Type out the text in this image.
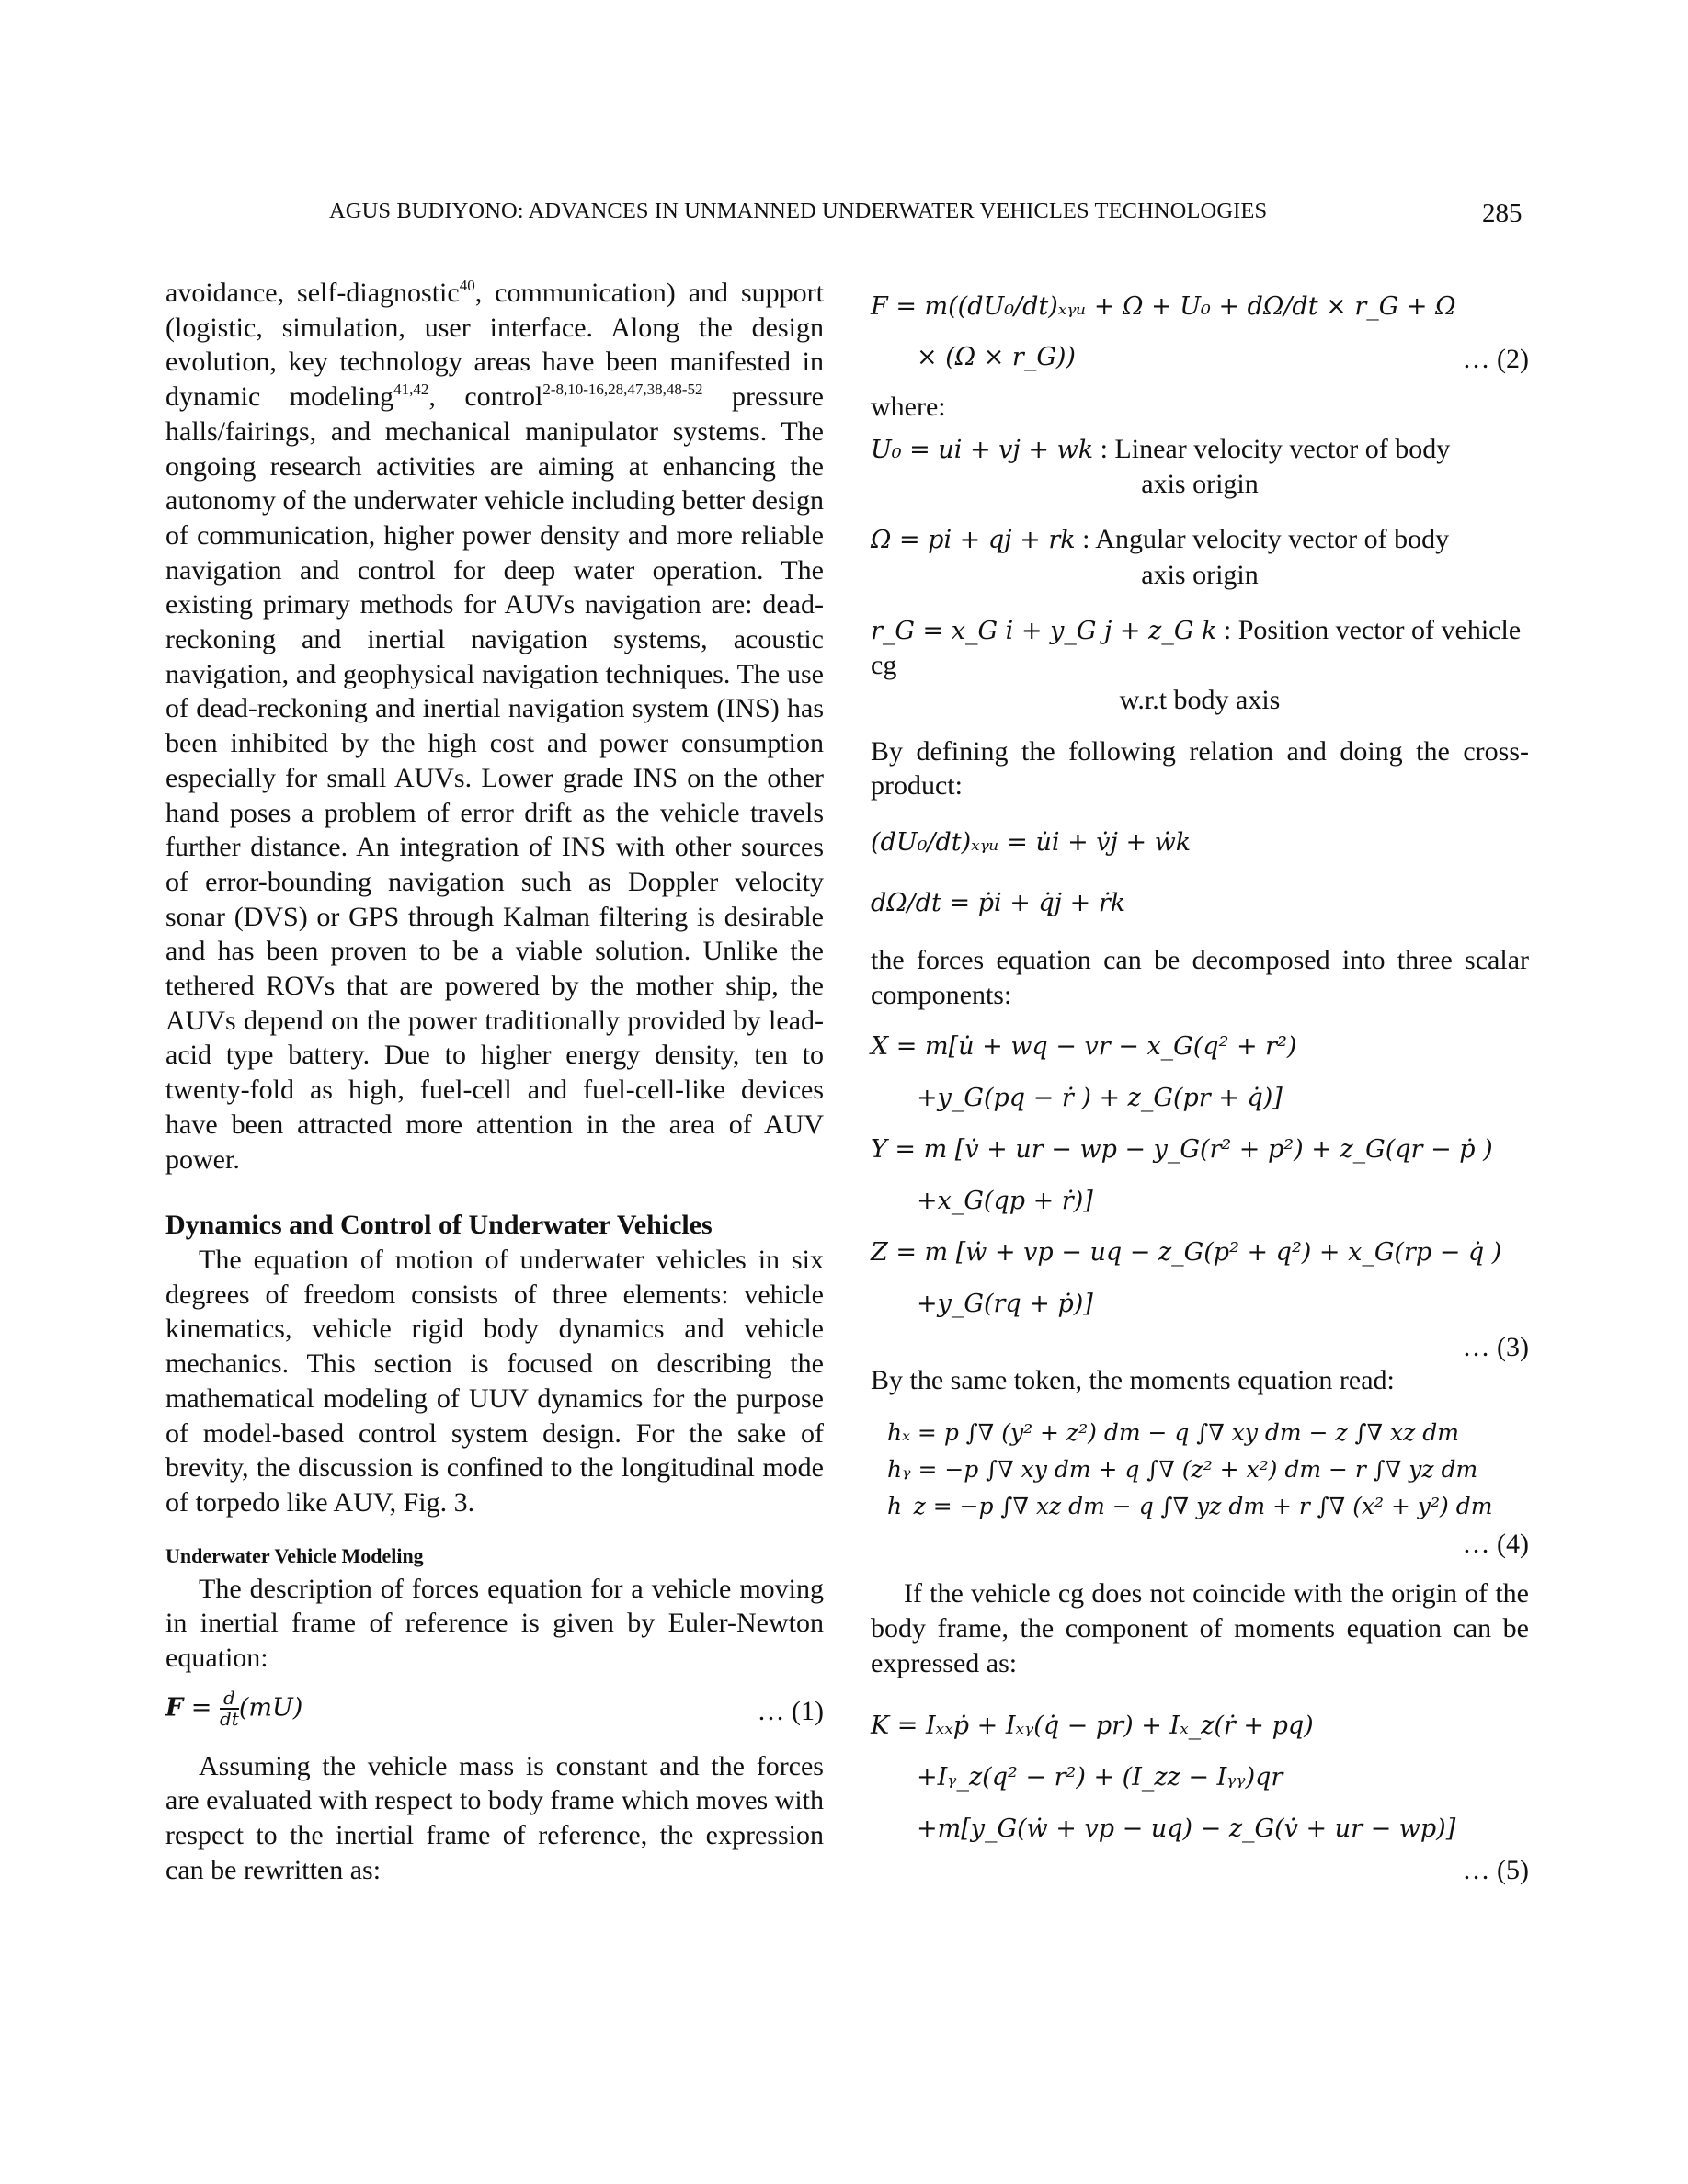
AGUS BUDIYONO: ADVANCES IN UNMANNED UNDERWATER VEHICLES TECHNOLOGIES	285

avoidance, self-diagnostic$^{40}$, communication) and support (logistic, simulation, user interface. Along the design evolution, key technology areas have been manifested in dynamic modeling$^{41,42}$, control$^{2-8,10-16,28,47,38,48-52}$ pressure halls/fairings, and mechanical manipulator systems. The ongoing research activities are aiming at enhancing the autonomy of the underwater vehicle including better design of communication, higher power density and more reliable navigation and control for deep water operation. The existing primary methods for AUVs navigation are: dead-reckoning and inertial navigation systems, acoustic navigation, and geophysical navigation techniques. The use of dead-reckoning and inertial navigation system (INS) has been inhibited by the high cost and power consumption especially for small AUVs. Lower grade INS on the other hand poses a problem of error drift as the vehicle travels further distance. An integration of INS with other sources of error-bounding navigation such as Doppler velocity sonar (DVS) or GPS through Kalman filtering is desirable and has been proven to be a viable solution. Unlike the tethered ROVs that are powered by the mother ship, the AUVs depend on the power traditionally provided by lead-acid type battery. Due to higher energy density, ten to twenty-fold as high, fuel-cell and fuel-cell-like devices have been attracted more attention in the area of AUV power.

Dynamics and Control of Underwater Vehicles

The equation of motion of underwater vehicles in six degrees of freedom consists of three elements: vehicle kinematics, vehicle rigid body dynamics and vehicle mechanics. This section is focused on describing the mathematical modeling of UUV dynamics for the purpose of model-based control system design. For the sake of brevity, the discussion is confined to the longitudinal mode of torpedo like AUV, Fig. 3.

Underwater Vehicle Modeling

The description of forces equation for a vehicle moving in inertial frame of reference is given by Euler-Newton equation:

$F = \frac{d}{dt} (mU)$	… (1)

Assuming the vehicle mass is constant and the forces are evaluated with respect to body frame which moves with respect to the inertial frame of reference, the expression can be rewritten as:

F = m((dU₀/dt)ₓᵧᵤ + Ω + U₀ + dΩ/dt × r_G + Ω
× (Ω × r_G))	… (2)
where:
U₀ = ui + vj + wk : Linear velocity vector of body
axis origin
Ω = pi + qj + rk : Angular velocity vector of body
axis origin
r_G = x_G i + y_G j + z_G k : Position vector of vehicle cg
w.r.t body axis

By defining the following relation and doing the cross-product:

(dU₀/dt)ₓᵧᵤ = u̇i + v̇j + ẇk
dΩ/dt = ṗi + q̇j + ṙk

the forces equation can be decomposed into three scalar components:

X = m[u̇ + wq − vr − x_G(q² + r²)
+y_G(pq − ṙ ) + z_G(pr + q̇)]
Y = m [v̇ + ur − wp − y_G(r² + p²) + z_G(qr − ṗ )
+x_G(qp + ṙ)]
Z = m [ẇ + vp − uq − z_G(p² + q²) + x_G(rp − q̇ )
+y_G(rq + ṗ)]
… (3)

By the same token, the moments equation read:

hₓ = p ∫∇ (y² + z²) dm − q ∫∇ xy dm − z ∫∇ xz dm
hᵧ = −p ∫∇ xy dm + q ∫∇ (z² + x²) dm − r ∫∇ yz dm
h_z = −p ∫∇ xz dm − q ∫∇ yz dm + r ∫∇ (x² + y²) dm
… (4)

If the vehicle cg does not coincide with the origin of the body frame, the component of moments equation can be expressed as:

K = Iₓₓṗ + Iₓᵧ(q̇ − pr) + Iₓ_z(ṙ + pq)
+Iᵧ_z(q² − r²) + (I_zz − Iᵧᵧ)qr
+m[y_G(ẇ + vp − uq) − z_G(v̇ + ur − wp)]
… (5)
